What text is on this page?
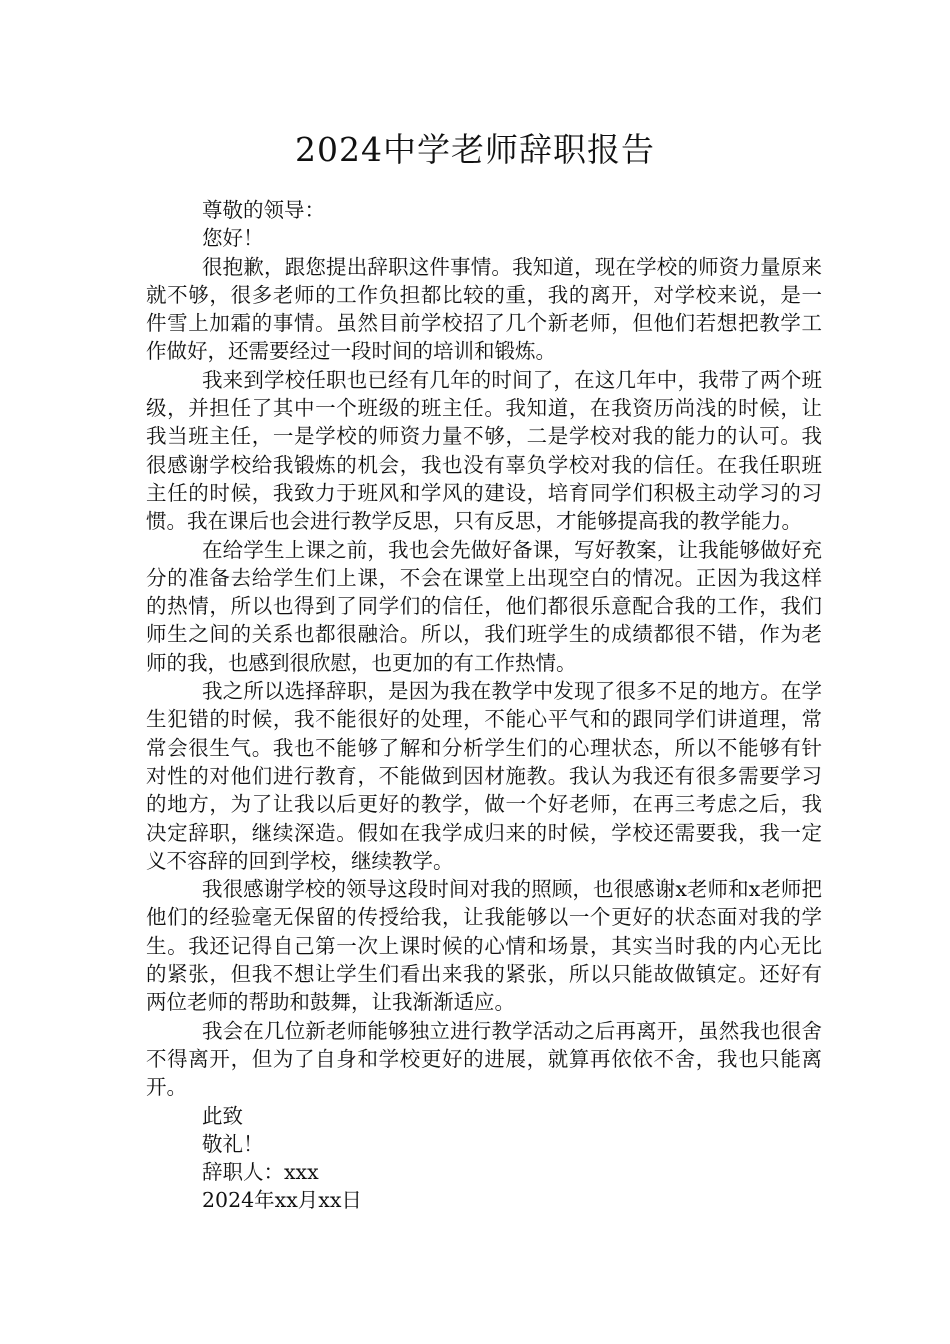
2024中学老师辞职报告

尊敬的领导：

您好！

很抱歉，跟您提出辞职这件事情。我知道，现在学校的师资力量原来就不够，很多老师的工作负担都比较的重，我的离开，对学校来说，是一件雪上加霜的事情。虽然目前学校招了几个新老师，但他们若想把教学工作做好，还需要经过一段时间的培训和锻炼。

我来到学校任职也已经有几年的时间了，在这几年中，我带了两个班级，并担任了其中一个班级的班主任。我知道，在我资历尚浅的时候，让我当班主任，一是学校的师资力量不够，二是学校对我的能力的认可。我很感谢学校给我锻炼的机会，我也没有辜负学校对我的信任。在我任职班主任的时候，我致力于班风和学风的建设，培育同学们积极主动学习的习惯。我在课后也会进行教学反思，只有反思，才能够提高我的教学能力。

在给学生上课之前，我也会先做好备课，写好教案，让我能够做好充分的准备去给学生们上课，不会在课堂上出现空白的情况。正因为我这样的热情，所以也得到了同学们的信任，他们都很乐意配合我的工作，我们师生之间的关系也都很融洽。所以，我们班学生的成绩都很不错，作为老师的我，也感到很欣慰，也更加的有工作热情。

我之所以选择辞职，是因为我在教学中发现了很多不足的地方。在学生犯错的时候，我不能很好的处理，不能心平气和的跟同学们讲道理，常常会很生气。我也不能够了解和分析学生们的心理状态，所以不能够有针对性的对他们进行教育，不能做到因材施教。我认为我还有很多需要学习的地方，为了让我以后更好的教学，做一个好老师，在再三考虑之后，我决定辞职，继续深造。假如在我学成归来的时候，学校还需要我，我一定义不容辞的回到学校，继续教学。

我很感谢学校的领导这段时间对我的照顾，也很感谢x老师和x老师把他们的经验毫无保留的传授给我，让我能够以一个更好的状态面对我的学生。我还记得自己第一次上课时候的心情和场景，其实当时我的内心无比的紧张，但我不想让学生们看出来我的紧张，所以只能故做镇定。还好有两位老师的帮助和鼓舞，让我渐渐适应。

我会在几位新老师能够独立进行教学活动之后再离开，虽然我也很舍不得离开，但为了自身和学校更好的进展，就算再依依不舍，我也只能离开。

此致

敬礼！

辞职人：xxx

2024年xx月xx日
